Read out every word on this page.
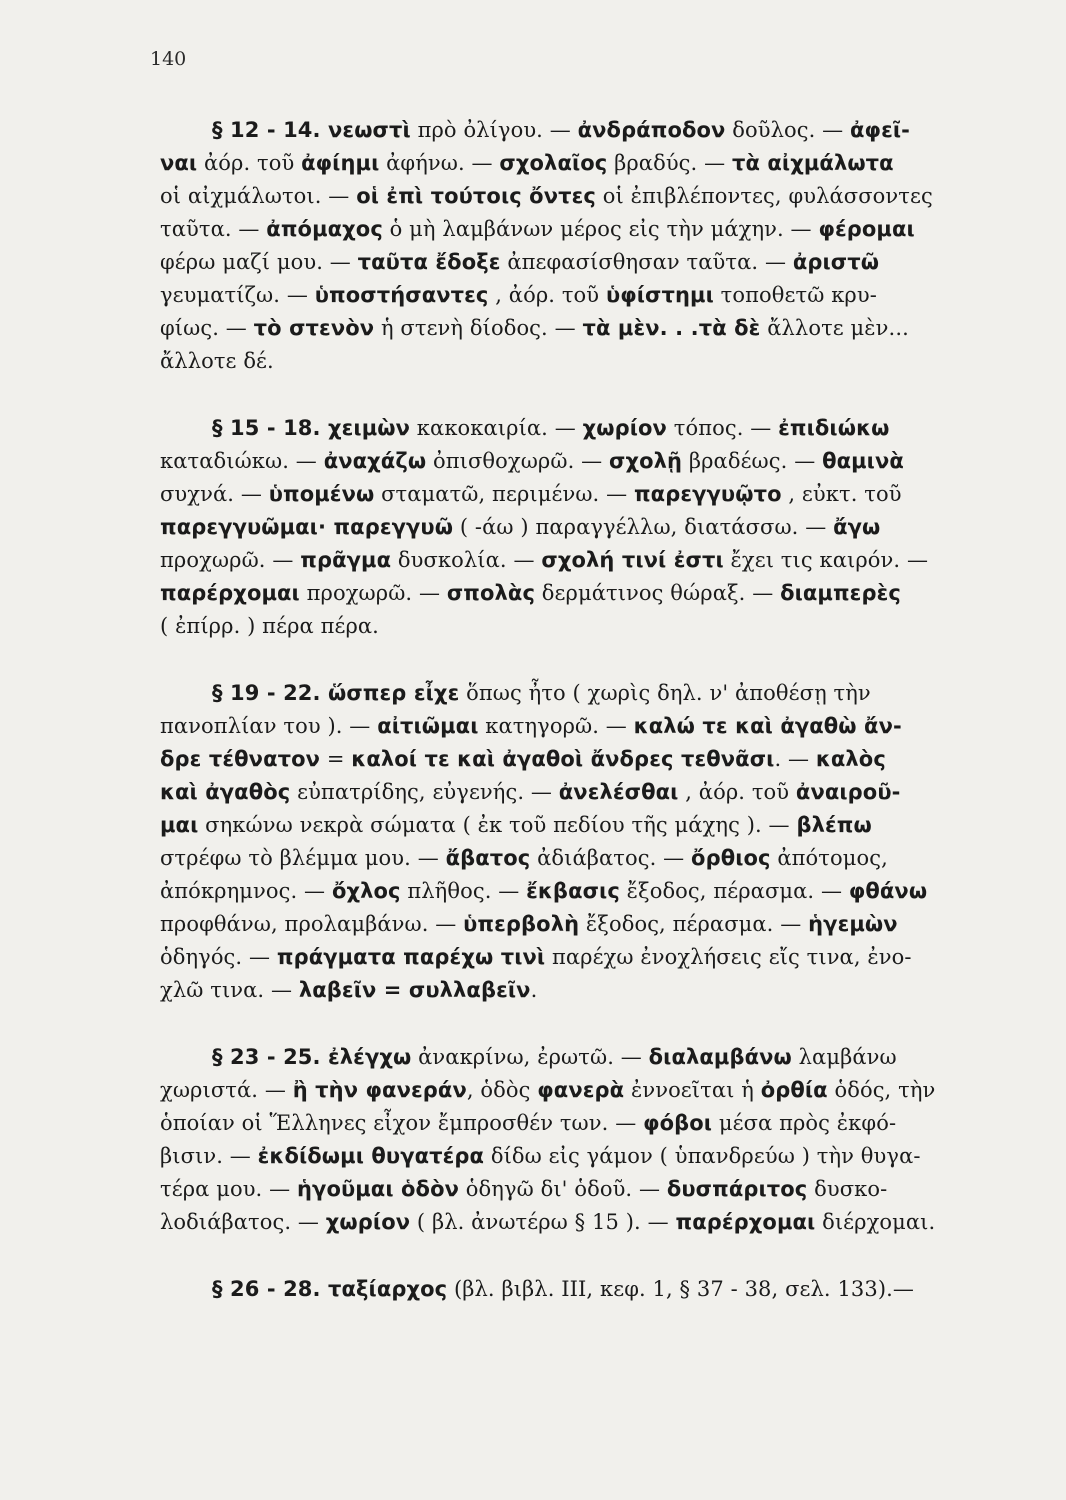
140
§ 12 - 14. νεωστὶ πρὸ ὀλίγου. — ἀνδράποδον δοῦλος. — ἀφεῖ-
ναι ἀόρ. τοῦ ἀφίημι ἀφήνω. — σχολαῖος βραδύς. — τὰ αἰχμάλωτα
οἱ αἰχμάλωτοι. — οἱ ἐπὶ τούτοις ὄντες οἱ ἐπιβλέποντες, φυλάσσοντες
ταῦτα. — ἀπόμαχος ὁ μὴ λαμβάνων μέρος εἰς τὴν μάχην. — φέρομαι
φέρω μαζί μου. — ταῦτα ἔδοξε ἀπεφασίσθησαν ταῦτα. — ἀριστῶ
γευματίζω. — ὑποστήσαντες , ἀόρ. τοῦ ὑφίστημι τοποθετῶ κρυ-
φίως. — τὸ στενὸν ἡ στενὴ δίοδος. — τὰ μὲν. . .τὰ δὲ ἄλλοτε μὲν...
ἄλλοτε δέ.
§ 15 - 18. χειμὼν κακοκαιρία. — χωρίον τόπος. — ἐπιδιώκω
καταδιώκω. — ἀναχάζω ὀπισθοχωρῶ. — σχολῇ βραδέως. — θαμινὰ
συχνά. — ὑπομένω σταματῶ, περιμένω. — παρεγγυῷτο , εὐκτ. τοῦ
παρεγγυῶμαι· παρεγγυῶ ( -άω ) παραγγέλλω, διατάσσω. — ἄγω
προχωρῶ. — πρᾶγμα δυσκολία. — σχολή τινί ἐστι ἔχει τις καιρόν. —
παρέρχομαι προχωρῶ. — σπολὰς δερμάτινος θώραξ. — διαμπερὲς
( ἐπίρρ. ) πέρα πέρα.
§ 19 - 22. ὥσπερ εἶχε ὅπως ἦτο ( χωρὶς δηλ. ν' ἀποθέσῃ τὴν
πανοπλίαν του ). — αἰτιῶμαι κατηγορῶ. — καλώ τε καὶ ἀγαθὼ ἄν-
δρε τέθνατον = καλοί τε καὶ ἀγαθοὶ ἄνδρες τεθνᾶσι. — καλὸς
καὶ ἀγαθὸς εὐπατρίδης, εὐγενής. — ἀνελέσθαι , ἀόρ. τοῦ ἀναιροῦ-
μαι σηκώνω νεκρὰ σώματα ( ἐκ τοῦ πεδίου τῆς μάχης ). — βλέπω
στρέφω τὸ βλέμμα μου. — ἄβατος ἀδιάβατος. — ὄρθιος ἀπότομος,
ἀπόκρημνος. — ὄχλος πλῆθος. — ἔκβασις ἔξοδος, πέρασμα. — φθάνω
προφθάνω, προλαμβάνω. — ὑπερβολὴ ἔξοδος, πέρασμα. — ἡγεμὼν
ὁδηγός. — πράγματα παρέχω τινὶ παρέχω ἐνοχλήσεις εἴς τινα, ἐνο-
χλῶ τινα. — λαβεῖν = συλλαβεῖν.
§ 23 - 25. ἐλέγχω ἀνακρίνω, ἐρωτῶ. — διαλαμβάνω λαμβάνω
χωριστά. — ἢ τὴν φανεράν, ὁδὸς φανερὰ ἐννοεῖται ἡ ὀρθία ὁδός, τὴν
ὁποίαν οἱ Ἕλληνες εἶχον ἔμπροσθέν των. — φόβοι μέσα πρὸς ἐκφό-
βισιν. — ἐκδίδωμι θυγατέρα δίδω εἰς γάμον ( ὑπανδρεύω ) τὴν θυγα-
τέρα μου. — ἡγοῦμαι ὁδὸν ὁδηγῶ δι' ὁδοῦ. — δυσπάριτος δυσκο-
λοδιάβατος. — χωρίον ( βλ. ἀνωτέρω § 15 ). — παρέρχομαι διέρχομαι.
§ 26 - 28. ταξίαρχος (βλ. βιβλ. III, κεφ. 1, § 37 - 38, σελ. 133).—
